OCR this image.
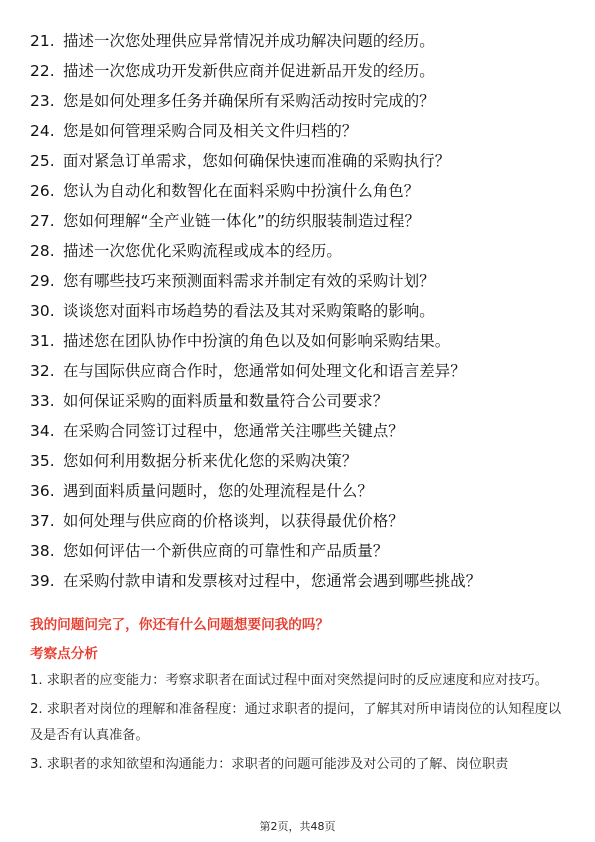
21. 描述一次您处理供应异常情况并成功解决问题的经历。
22. 描述一次您成功开发新供应商并促进新品开发的经历。
23. 您是如何处理多任务并确保所有采购活动按时完成的？
24. 您是如何管理采购合同及相关文件归档的？
25. 面对紧急订单需求，您如何确保快速而准确的采购执行？
26. 您认为自动化和数智化在面料采购中扮演什么角色？
27. 您如何理解“全产业链一体化”的纺织服装制造过程？
28. 描述一次您优化采购流程或成本的经历。
29. 您有哪些技巧来预测面料需求并制定有效的采购计划？
30. 谈谈您对面料市场趋势的看法及其对采购策略的影响。
31. 描述您在团队协作中扮演的角色以及如何影响采购结果。
32. 在与国际供应商合作时，您通常如何处理文化和语言差异？
33. 如何保证采购的面料质量和数量符合公司要求？
34. 在采购合同签订过程中，您通常关注哪些关键点？
35. 您如何利用数据分析来优化您的采购决策？
36. 遇到面料质量问题时，您的处理流程是什么？
37. 如何处理与供应商的价格谈判，以获得最优价格？
38. 您如何评估一个新供应商的可靠性和产品质量？
39. 在采购付款申请和发票核对过程中，您通常会遇到哪些挑战？
我的问题问完了，你还有什么问题想要问我的吗？
考察点分析

1. 求职者的应变能力：考察求职者在面试过程中面对突然提问时的反应速度和应对技巧。

2. 求职者对岗位的理解和准备程度：通过求职者的提问，了解其对所申请岗位的认知程度以及是否有认真准备。

3. 求职者的求知欲望和沟通能力：求职者的问题可能涉及对公司的了解、岗位职责

第2页，共48页
